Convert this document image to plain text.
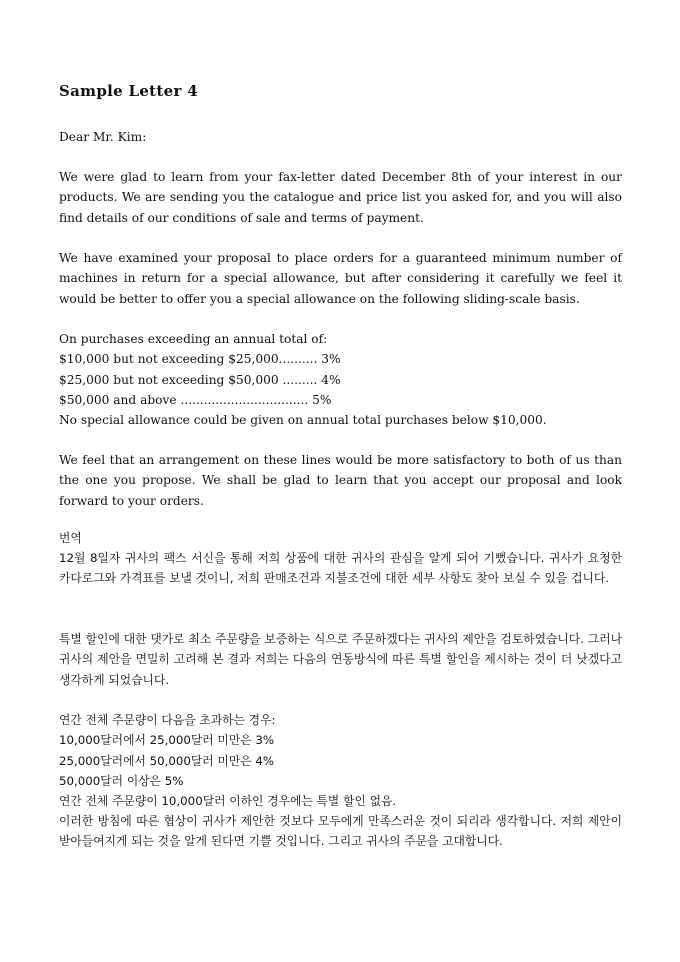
Sample Letter 4
Dear Mr. Kim:
We were glad to learn from your fax-letter dated December 8th of your interest in our products. We are sending you the catalogue and price list you asked for, and you will also find details of our conditions of sale and terms of payment.
We have examined your proposal to place orders for a guaranteed minimum number of machines in return for a special allowance, but after considering it carefully we feel it would be better to offer you a special allowance on the following sliding-scale basis.
On purchases exceeding an annual total of:
$10,000 but not exceeding $25,000.......... 3%
$25,000 but not exceeding $50,000 ......... 4%
$50,000 and above ................................. 5%
No special allowance could be given on annual total purchases below $10,000.
We feel that an arrangement on these lines would be more satisfactory to both of us than the one you propose. We shall be glad to learn that you accept our proposal and look forward to your orders.
번역
12월 8일자 귀사의 팩스 서신을 통해 저희 상품에 대한 귀사의 관심을 알게 되어 기뻤습니다. 귀사가 요청한 카다로그와 가격표를 보낼 것이니, 저희 판매조건과 지불조건에 대한 세부 사항도 찾아 보실 수 있을 겁니다.
특별 할인에 대한 댓가로 최소 주문량을 보증하는 식으로 주문하겠다는 귀사의 제안을 검토하였습니다. 그러나 귀사의 제안을 면밀히 고려해 본 결과 저희는 다음의 연동방식에 따른 특별 할인을 제시하는 것이 더 낫겠다고 생각하게 되었습니다.
연간 전체 주문량이 다음을 초과하는 경우:
10,000달러에서 25,000달러 미만은 3%
25,000달러에서 50,000달러 미만은 4%
50,000달러 이상은 5%
연간 전체 주문량이 10,000달러 이하인 경우에는 특별 할인 없음.
이러한 방침에 따른 협상이 귀사가 제안한 것보다 모두에게 만족스러운 것이 되리라 생각합니다. 저희 제안이 받아들여지게 되는 것을 알게 된다면 기쁠 것입니다. 그리고 귀사의 주문을 고대합니다.
